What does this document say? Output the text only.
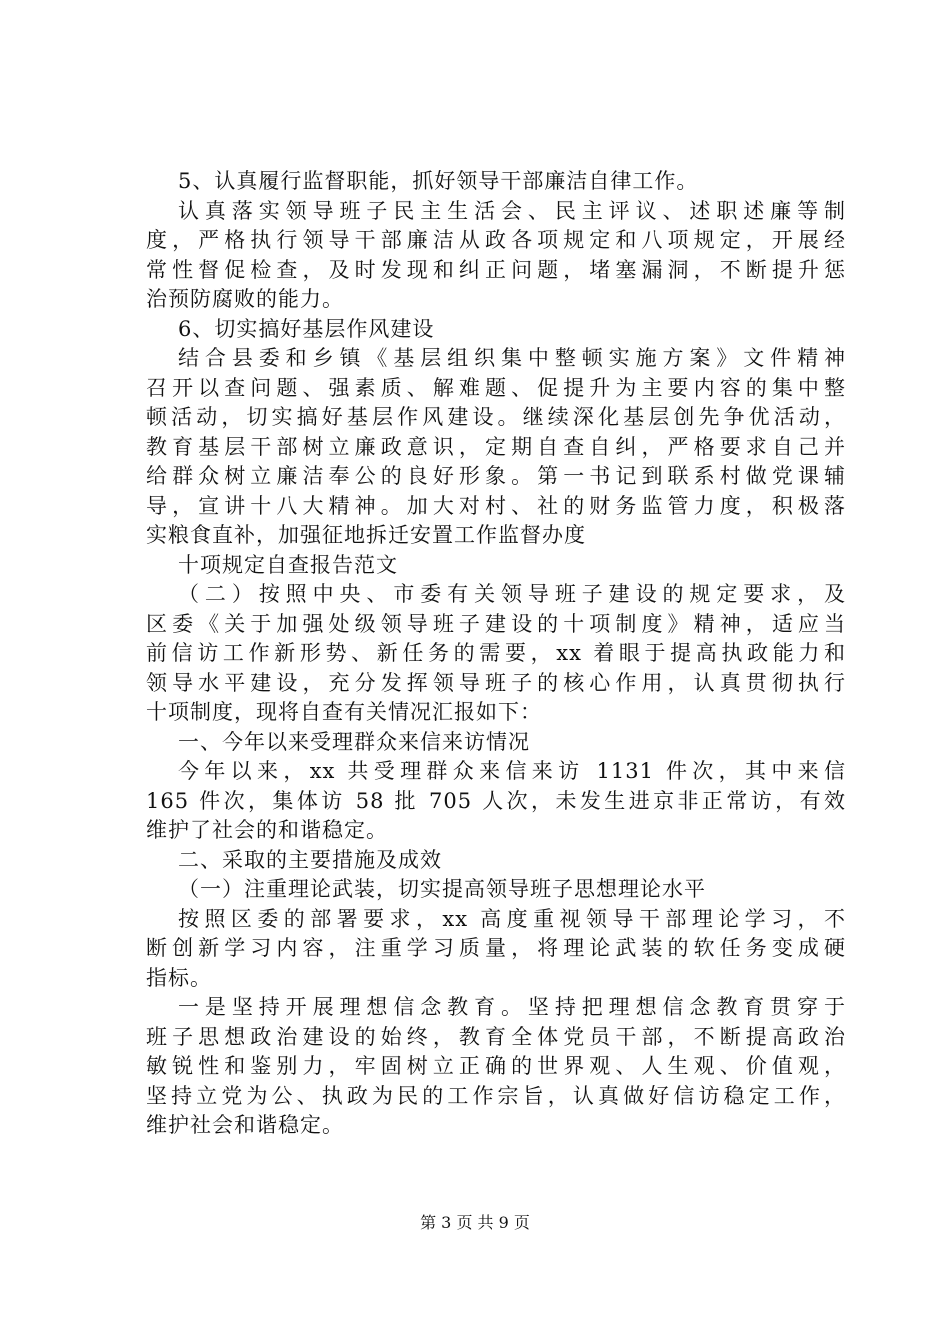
5、认真履行监督职能，抓好领导干部廉洁自律工作。
认真落实领导班子民主生活会、民主评议、述职述廉等制
度，严格执行领导干部廉洁从政各项规定和八项规定，开展经
常性督促检查，及时发现和纠正问题，堵塞漏洞，不断提升惩
治预防腐败的能力。
6、切实搞好基层作风建设
结合县委和乡镇《基层组织集中整顿实施方案》文件精神
召开以查问题、强素质、解难题、促提升为主要内容的集中整
顿活动，切实搞好基层作风建设。继续深化基层创先争优活动，
教育基层干部树立廉政意识，定期自查自纠，严格要求自己并
给群众树立廉洁奉公的良好形象。第一书记到联系村做党课辅
导，宣讲十八大精神。加大对村、社的财务监管力度，积极落
实粮食直补，加强征地拆迁安置工作监督办度
十项规定自查报告范文
（二）按照中央、市委有关领导班子建设的规定要求，及
区委《关于加强处级领导班子建设的十项制度》精神，适应当
前信访工作新形势、新任务的需要，xx 着眼于提高执政能力和
领导水平建设，充分发挥领导班子的核心作用，认真贯彻执行
十项制度，现将自查有关情况汇报如下：
一、今年以来受理群众来信来访情况
今年以来，xx 共受理群众来信来访 1131 件次，其中来信
165 件次，集体访 58 批 705 人次，未发生进京非正常访，有效
维护了社会的和谐稳定。
二、采取的主要措施及成效
（一）注重理论武装，切实提高领导班子思想理论水平
按照区委的部署要求，xx 高度重视领导干部理论学习，不
断创新学习内容，注重学习质量，将理论武装的软任务变成硬
指标。
一是坚持开展理想信念教育。坚持把理想信念教育贯穿于
班子思想政治建设的始终，教育全体党员干部，不断提高政治
敏锐性和鉴别力，牢固树立正确的世界观、人生观、价值观，
坚持立党为公、执政为民的工作宗旨，认真做好信访稳定工作，
维护社会和谐稳定。
第 3 页 共 9 页
